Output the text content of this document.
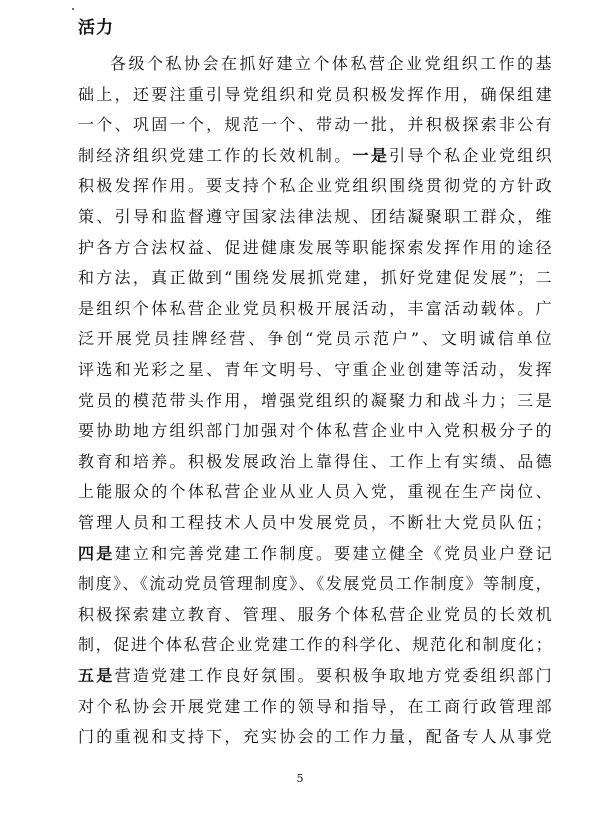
活力
各级个私协会在抓好建立个体私营企业党组织工作的基
础上，还要注重引导党组织和党员积极发挥作用，确保组建
一个、巩固一个，规范一个、带动一批，并积极探索非公有
制经济组织党建工作的长效机制。一是引导个私企业党组织
积极发挥作用。要支持个私企业党组织围绕贯彻党的方针政
策、引导和监督遵守国家法律法规、团结凝聚职工群众，维
护各方合法权益、促进健康发展等职能探索发挥作用的途径
和方法，真正做到“围绕发展抓党建，抓好党建促发展”；二
是组织个体私营企业党员积极开展活动，丰富活动载体。广
泛开展党员挂牌经营、争创“党员示范户”、文明诚信单位
评选和光彩之星、青年文明号、守重企业创建等活动，发挥
党员的模范带头作用，增强党组织的凝聚力和战斗力；三是
要协助地方组织部门加强对个体私营企业中入党积极分子的
教育和培养。积极发展政治上靠得住、工作上有实绩、品德
上能服众的个体私营企业从业人员入党，重视在生产岗位、
管理人员和工程技术人员中发展党员，不断壮大党员队伍；
四是建立和完善党建工作制度。要建立健全《党员业户登记
制度》、《流动党员管理制度》、《发展党员工作制度》等制度，
积极探索建立教育、管理、服务个体私营企业党员的长效机
制，促进个体私营企业党建工作的科学化、规范化和制度化；
五是营造党建工作良好氛围。要积极争取地方党委组织部门
对个私协会开展党建工作的领导和指导，在工商行政管理部
门的重视和支持下，充实协会的工作力量，配备专人从事党
5
